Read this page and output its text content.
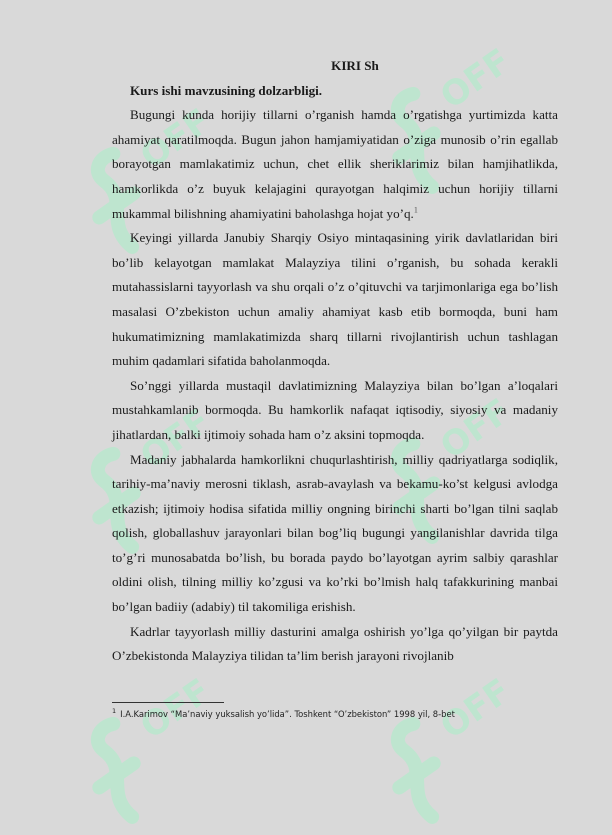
OFF
OFF
OFF	OFF
OFF	OFF
KIRI Sh

Kurs ishi mavzusining dolzarbligi.

Bugungi kunda horijiy tillarni o’rganish hamda o’rgatishga yurtimizda katta ahamiyat qaratilmoqda. Bugun jahon hamjamiyatidan o’ziga munosib o’rin egallab borayotgan mamlakatimiz uchun, chet ellik sheriklarimiz bilan hamjihatlikda, hamkorlikda o’z buyuk kelajagini qurayotgan halqimiz uchun horijiy tillarni mukammal bilishning ahamiyatini baholashga hojat yo’q.$^1$

Keyingi yillarda Janubiy Sharqiy Osiyo mintaqasining yirik davlatlaridan biri bo’lib kelayotgan mamlakat Malayziya tilini o’rganish, bu sohada kerakli mutahassislarni tayyorlash va shu orqali o’z o’qituvchi va tarjimonlariga ega bo’lish masalasi O’zbekiston uchun amaliy ahamiyat kasb etib bormoqda, buni ham hukumatimizning mamlakatimizda sharq tillarni rivojlantirish uchun tashlagan muhim qadamlari sifatida baholanmoqda.

So’nggi yillarda mustaqil davlatimizning Malayziya bilan bo’lgan a’loqalari mustahkamlanib bormoqda. Bu hamkorlik nafaqat iqtisodiy, siyosiy va madaniy jihatlardan, balki ijtimoiy sohada ham o’z aksini topmoqda.

Madaniy jabhalarda hamkorlikni chuqurlashtirish, milliy qadriyatlarga sodiqlik, tarihiy-ma’naviy merosni tiklash, asrab-avaylash va bekamu-ko’st kelgusi avlodga etkazish; ijtimoiy hodisa sifatida milliy ongning birinchi sharti bo’lgan tilni saqlab qolish, globallashuv jarayonlari bilan bog’liq bugungi yangilanishlar davrida tilga to’g’ri munosabatda bo’lish, bu borada paydo bo’layotgan ayrim salbiy qarashlar oldini olish, tilning milliy ko’zgusi va ko’rki bo’lmish halq tafakkurining manbai bo’lgan badiiy (adabiy) til takomiliga erishish.

Kadrlar tayyorlash milliy dasturini amalga oshirish yo’lga qo’yilgan bir paytda O’zbekistonda Malayziya tilidan ta’lim berish jarayoni rivojlanib

$^1$ I.A.Karimov “Ma’naviy yuksalish yo’lida”. Toshkent “O’zbekiston” 1998 yil, 8-bet
